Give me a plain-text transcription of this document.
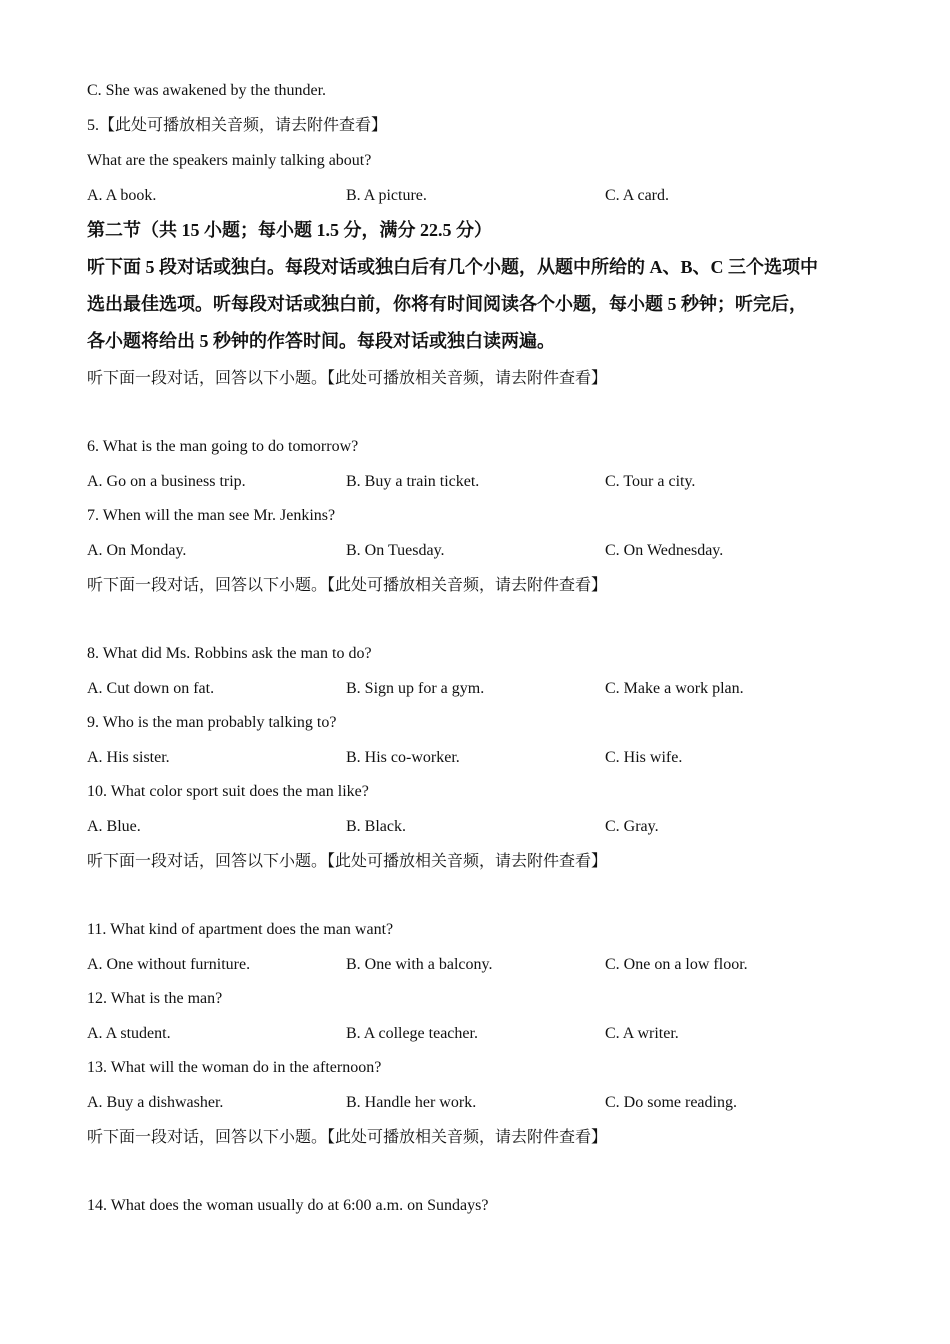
C. She was awakened by the thunder.
5.【此处可播放相关音频，请去附件查看】
What are the speakers mainly talking about?
A. A book.	B. A picture.	C. A card.
第二节（共 15 小题；每小题 1.5 分，满分 22.5 分）
听下面 5 段对话或独白。每段对话或独白后有几个小题，从题中所给的 A、B、C 三个选项中
选出最佳选项。听每段对话或独白前，你将有时间阅读各个小题，每小题 5 秒钟；听完后，
各小题将给出 5 秒钟的作答时间。每段对话或独白读两遍。
听下面一段对话，回答以下小题。【此处可播放相关音频，请去附件查看】
6. What is the man going to do tomorrow?
A. Go on a business trip.	B. Buy a train ticket.	C. Tour a city.
7. When will the man see Mr. Jenkins?
A. On Monday.	B. On Tuesday.	C. On Wednesday.
听下面一段对话，回答以下小题。【此处可播放相关音频，请去附件查看】
8. What did Ms. Robbins ask the man to do?
A. Cut down on fat.	B. Sign up for a gym.	C. Make a work plan.
9. Who is the man probably talking to?
A. His sister.	B. His co-worker.	C. His wife.
10. What color sport suit does the man like?
A. Blue.	B. Black.	C. Gray.
听下面一段对话，回答以下小题。【此处可播放相关音频，请去附件查看】
11. What kind of apartment does the man want?
A. One without furniture.	B. One with a balcony.	C. One on a low floor.
12. What is the man?
A. A student.	B. A college teacher.	C. A writer.
13. What will the woman do in the afternoon?
A. Buy a dishwasher.	B. Handle her work.	C. Do some reading.
听下面一段对话，回答以下小题。【此处可播放相关音频，请去附件查看】
14. What does the woman usually do at 6:00 a.m. on Sundays?
